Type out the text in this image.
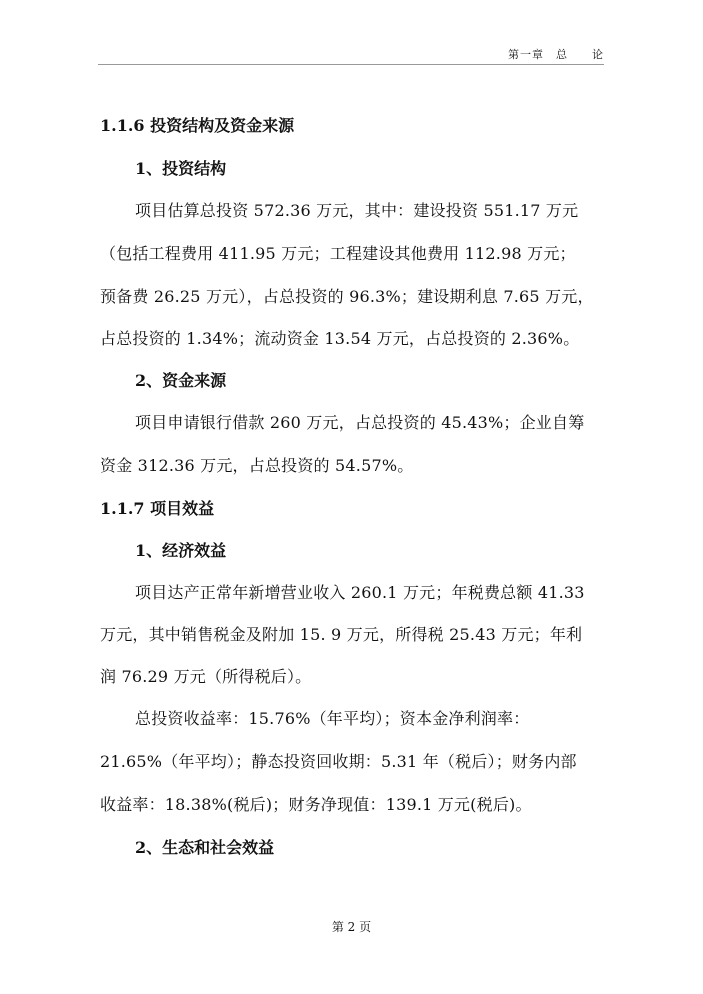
第一章　总　　论
1.1.6 投资结构及资金来源
1、投资结构
项目估算总投资 572.36 万元，其中：建设投资 551.17 万元
（包括工程费用 411.95 万元；工程建设其他费用 112.98 万元；
预备费 26.25 万元），占总投资的 96.3%；建设期利息 7.65 万元，
占总投资的 1.34%；流动资金 13.54 万元，占总投资的 2.36%。
2、资金来源
项目申请银行借款 260 万元，占总投资的 45.43%；企业自筹
资金 312.36 万元，占总投资的 54.57%。
1.1.7 项目效益
1、经济效益
项目达产正常年新增营业收入 260.1 万元；年税费总额 41.33
万元，其中销售税金及附加 15. 9 万元，所得税 25.43 万元；年利
润 76.29 万元（所得税后）。
总投资收益率：15.76%（年平均）；资本金净利润率：
21.65%（年平均）；静态投资回收期：5.31 年（税后）；财务内部
收益率：18.38%(税后)；财务净现值：139.1 万元(税后)。
2、生态和社会效益
第 2 页
